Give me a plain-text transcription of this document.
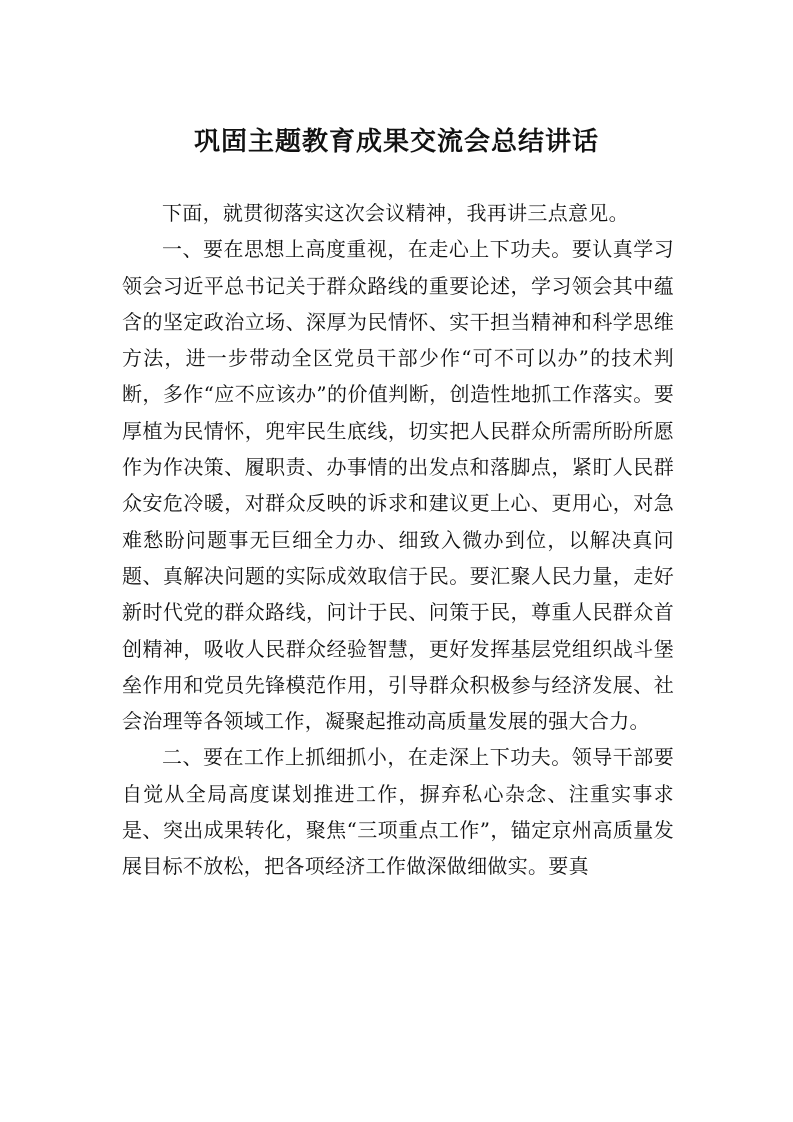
巩固主题教育成果交流会总结讲话

下面，就贯彻落实这次会议精神，我再讲三点意见。

一、要在思想上高度重视，在走心上下功夫。要认真学习领会习近平总书记关于群众路线的重要论述，学习领会其中蕴含的坚定政治立场、深厚为民情怀、实干担当精神和科学思维方法，进一步带动全区党员干部少作“可不可以办”的技术判断，多作“应不应该办”的价值判断，创造性地抓工作落实。要厚植为民情怀，兜牢民生底线，切实把人民群众所需所盼所愿作为作决策、履职责、办事情的出发点和落脚点，紧盯人民群众安危冷暖，对群众反映的诉求和建议更上心、更用心，对急难愁盼问题事无巨细全力办、细致入微办到位，以解决真问题、真解决问题的实际成效取信于民。要汇聚人民力量，走好新时代党的群众路线，问计于民、问策于民，尊重人民群众首创精神，吸收人民群众经验智慧，更好发挥基层党组织战斗堡垒作用和党员先锋模范作用，引导群众积极参与经济发展、社会治理等各领域工作，凝聚起推动高质量发展的强大合力。

二、要在工作上抓细抓小，在走深上下功夫。领导干部要自觉从全局高度谋划推进工作，摒弃私心杂念、注重实事求是、突出成果转化，聚焦“三项重点工作”，锚定京州高质量发展目标不放松，把各项经济工作做深做细做实。要真
